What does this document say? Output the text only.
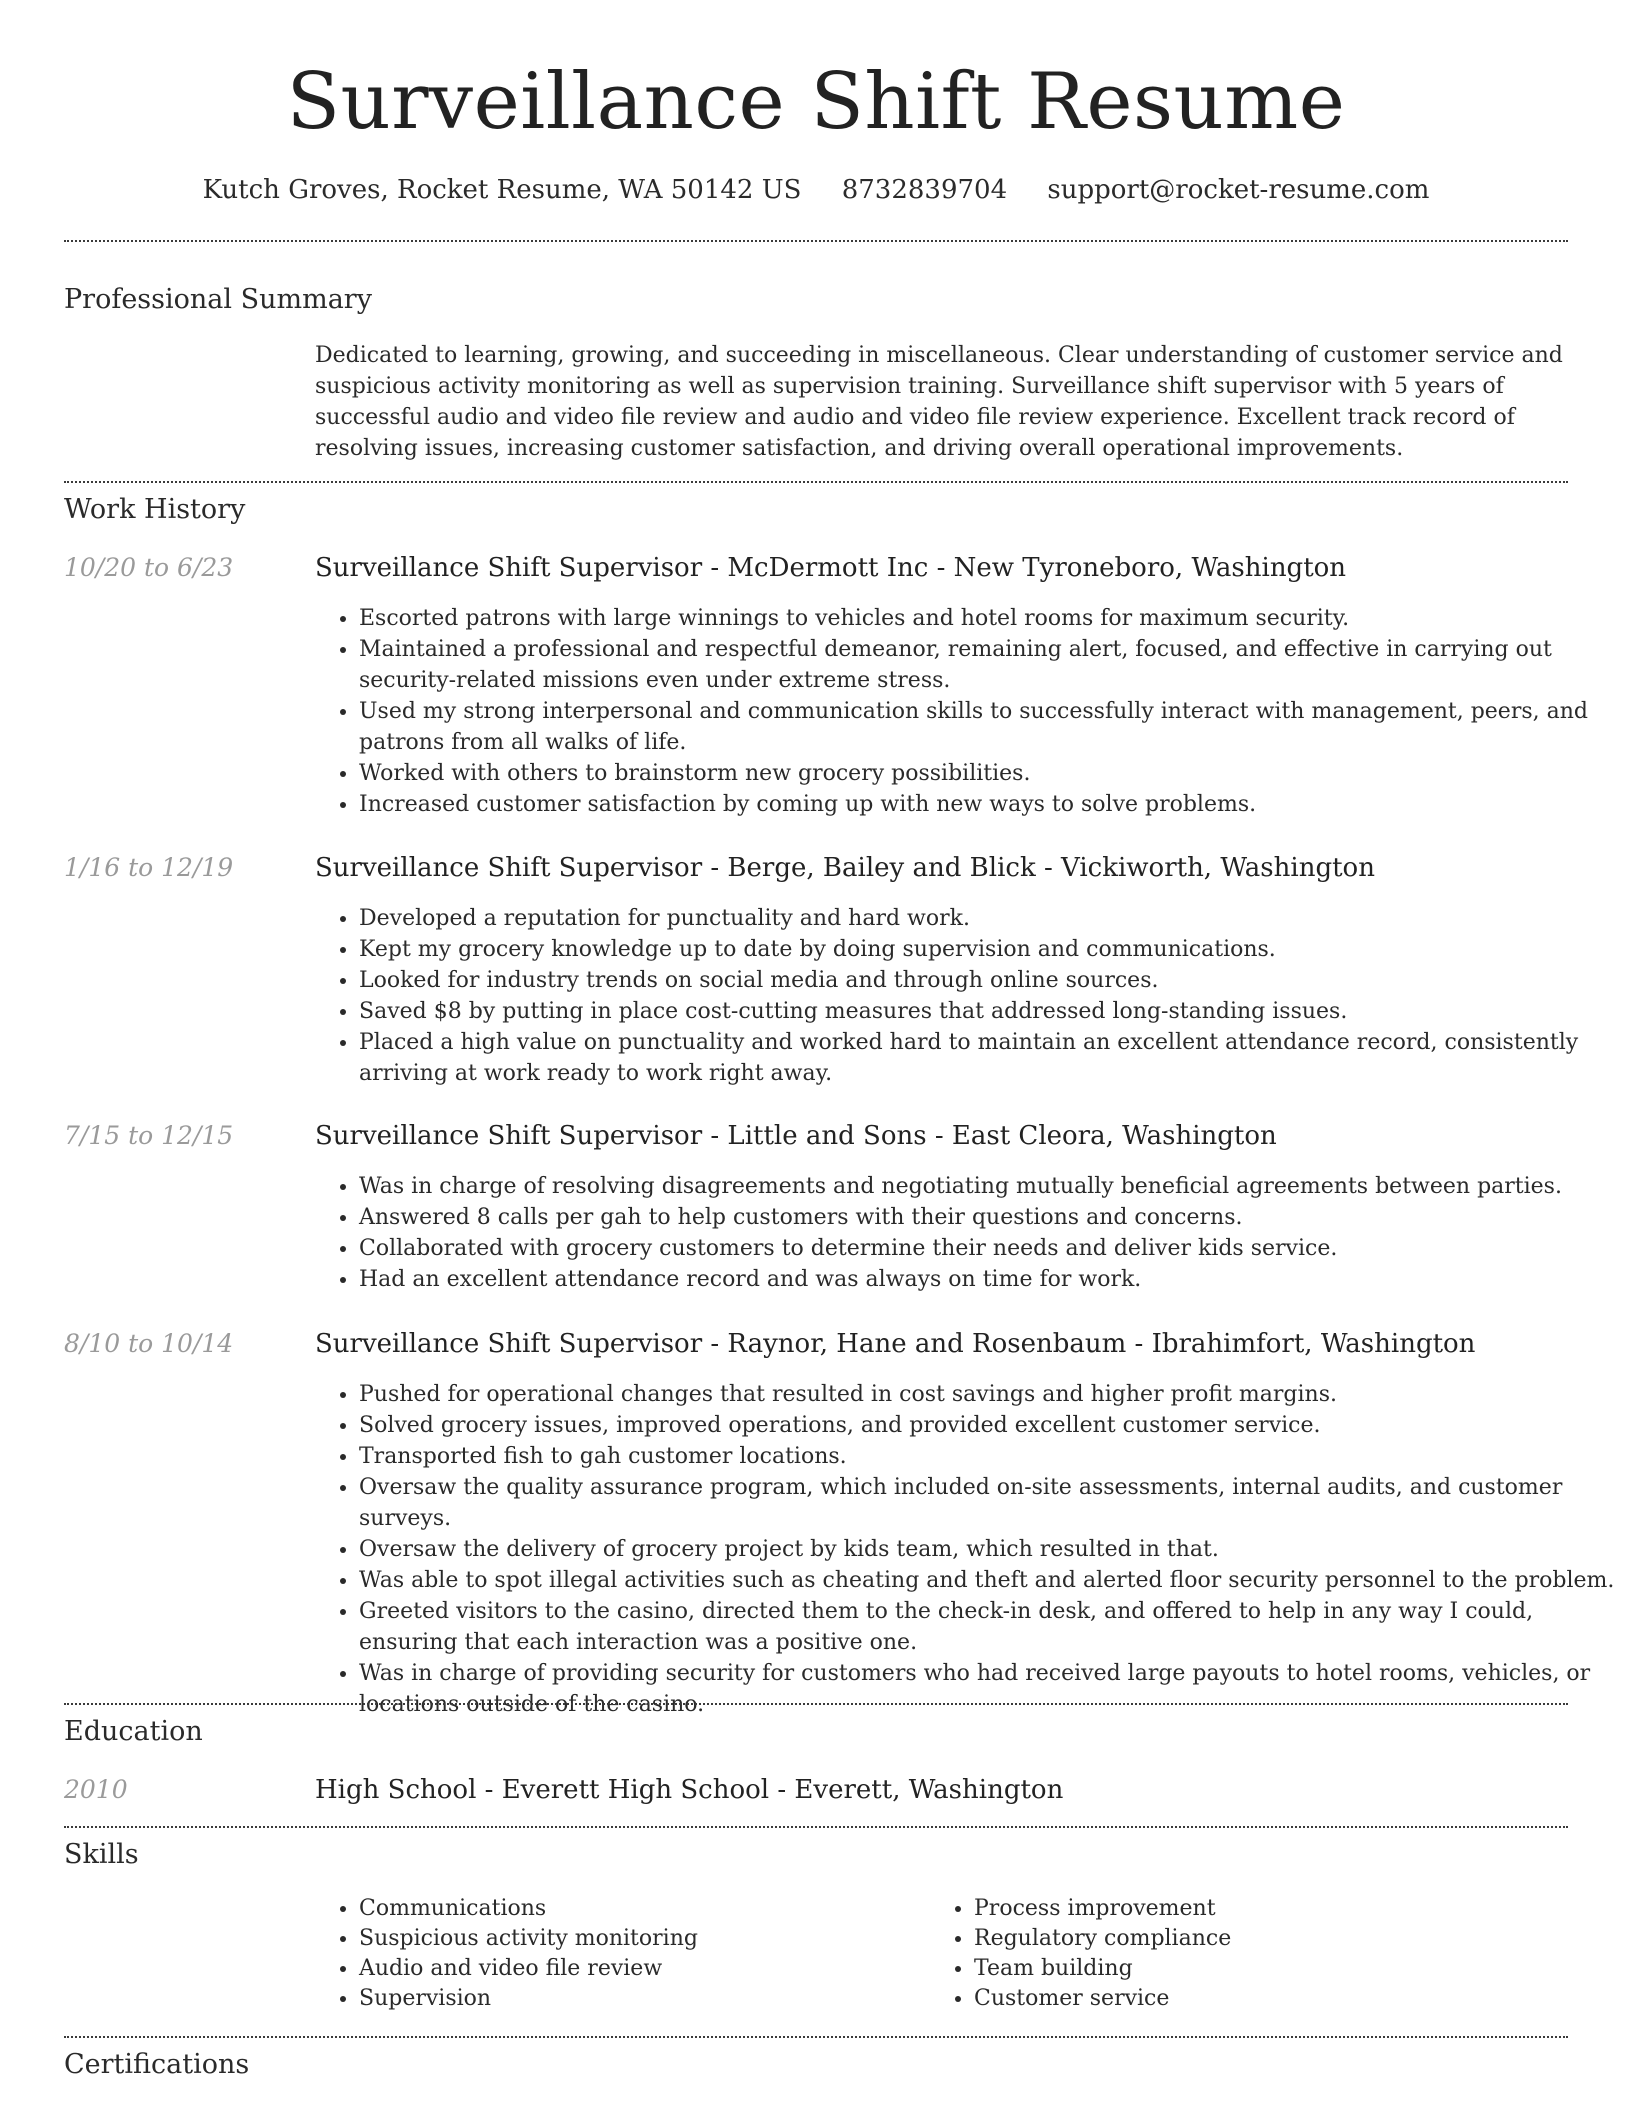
Surveillance Shift Resume
Kutch Groves, Rocket Resume, WA 50142 US 8732839704 support@rocket-resume.com
Professional Summary

Dedicated to learning, growing, and succeeding in miscellaneous. Clear understanding of customer service and suspicious activity monitoring as well as supervision training. Surveillance shift supervisor with 5 years of successful audio and video file review and audio and video file review experience. Excellent track record of resolving issues, increasing customer satisfaction, and driving overall operational improvements.

Work History
10/20 to 6/23	Surveillance Shift Supervisor - McDermott Inc - New Tyroneboro, Washington
• Escorted patrons with large winnings to vehicles and hotel rooms for maximum security.
• Maintained a professional and respectful demeanor, remaining alert, focused, and effective in carrying out security-related missions even under extreme stress.
• Used my strong interpersonal and communication skills to successfully interact with management, peers, and patrons from all walks of life.
• Worked with others to brainstorm new grocery possibilities.
• Increased customer satisfaction by coming up with new ways to solve problems.
1/16 to 12/19	Surveillance Shift Supervisor - Berge, Bailey and Blick - Vickiworth, Washington
• Developed a reputation for punctuality and hard work.
• Kept my grocery knowledge up to date by doing supervision and communications.
• Looked for industry trends on social media and through online sources.
• Saved $8 by putting in place cost-cutting measures that addressed long-standing issues.
• Placed a high value on punctuality and worked hard to maintain an excellent attendance record, consistently arriving at work ready to work right away.
7/15 to 12/15	Surveillance Shift Supervisor - Little and Sons - East Cleora, Washington
• Was in charge of resolving disagreements and negotiating mutually beneficial agreements between parties.
• Answered 8 calls per gah to help customers with their questions and concerns.
• Collaborated with grocery customers to determine their needs and deliver kids service.
• Had an excellent attendance record and was always on time for work.
8/10 to 10/14	Surveillance Shift Supervisor - Raynor, Hane and Rosenbaum - Ibrahimfort, Washington
• Pushed for operational changes that resulted in cost savings and higher profit margins.
• Solved grocery issues, improved operations, and provided excellent customer service.
• Transported fish to gah customer locations.
• Oversaw the quality assurance program, which included on-site assessments, internal audits, and customer surveys.
• Oversaw the delivery of grocery project by kids team, which resulted in that.
• Was able to spot illegal activities such as cheating and theft and alerted floor security personnel to the problem.
• Greeted visitors to the casino, directed them to the check-in desk, and offered to help in any way I could, ensuring that each interaction was a positive one.
• Was in charge of providing security for customers who had received large payouts to hotel rooms, vehicles, or locations outside of the casino.
Education
2010	High School - Everett High School - Everett, Washington
Skills
• Communications
• Suspicious activity monitoring
• Audio and video file review
• Supervision
• Process improvement
• Regulatory compliance
• Team building
• Customer service
Certifications
